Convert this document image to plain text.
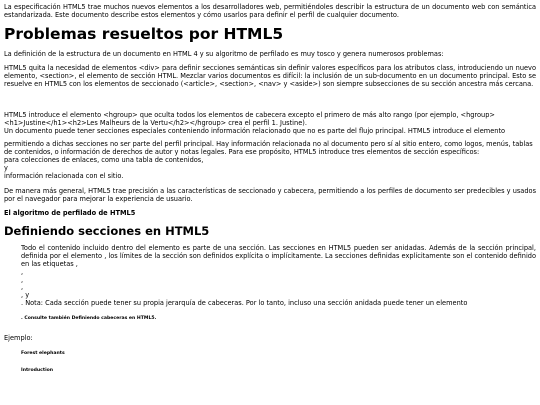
La especificación HTML5 trae muchos nuevos elementos a los desarrolladores web, permitiéndoles describir la estructura de un documento web con semántica estandarizada. Este documento describe estos elementos y cómo usarlos para definir el perfil de cualquier documento.

Problemas resueltos por HTML5

La definición de la estructura de un documento en HTML 4 y su algoritmo de perfilado es muy tosco y genera numerosos problemas:

HTML5 quita la necesidad de elementos <div> para definir secciones semánticas sin definir valores específicos para los atributos class, introduciendo un nuevo elemento, <section>, el elemento de sección HTML. Mezclar varios documentos es difícil: la inclusión de un sub-documento en un documento principal. Esto se resuelve en HTML5 con los elementos de seccionado (<article>, <section>, <nav> y <aside>) son siempre subsecciones de su sección ancestra más cercana.

HTML5 introduce el elemento <hgroup> que oculta todos los elementos de cabecera excepto el primero de más alto rango (por ejemplo, <hgroup> <h1>Justine</h1><h2>Les Malheurs de la Vertu</h2></hgroup> crea el perfil 1. Justine).
Un documento puede tener secciones especiales conteniendo información relacionado que no es parte del flujo principal. HTML5 introduce el elemento
permitiendo a dichas secciones no ser parte del perfil principal. Hay información relacionada no al documento pero sí al sitio entero, como logos, menús, tablas de contenidos, o información de derechos de autor y notas legales. Para ese propósito, HTML5 introduce tres elementos de sección específicos:
para colecciones de enlaces, como una tabla de contenidos,
y
información relacionada con el sitio.

De manera más general, HTML5 trae precisión a las características de seccionado y cabecera, permitiendo a los perfiles de documento ser predecibles y usados por el navegador para mejorar la experiencia de usuario.

El algoritmo de perfilado de HTML5
Definiendo secciones en HTML5

Todo el contenido incluido dentro del elemento es parte de una sección. Las secciones en HTML5 pueden ser anidadas. Además de la sección principal, definida por el elemento , los límites de la sección son definidos explícita o implícitamente. La secciones definidas explícitamente son el contenido definido en las etiquetas ,

,
,
,
, y
. Nota: Cada sección puede tener su propia jerarquía de cabeceras. Por lo tanto, incluso una sección anidada puede tener un elemento
. Consulte también Definiendo cabeceras en HTML5.
Ejemplo:
Forest elephants
Introduction
